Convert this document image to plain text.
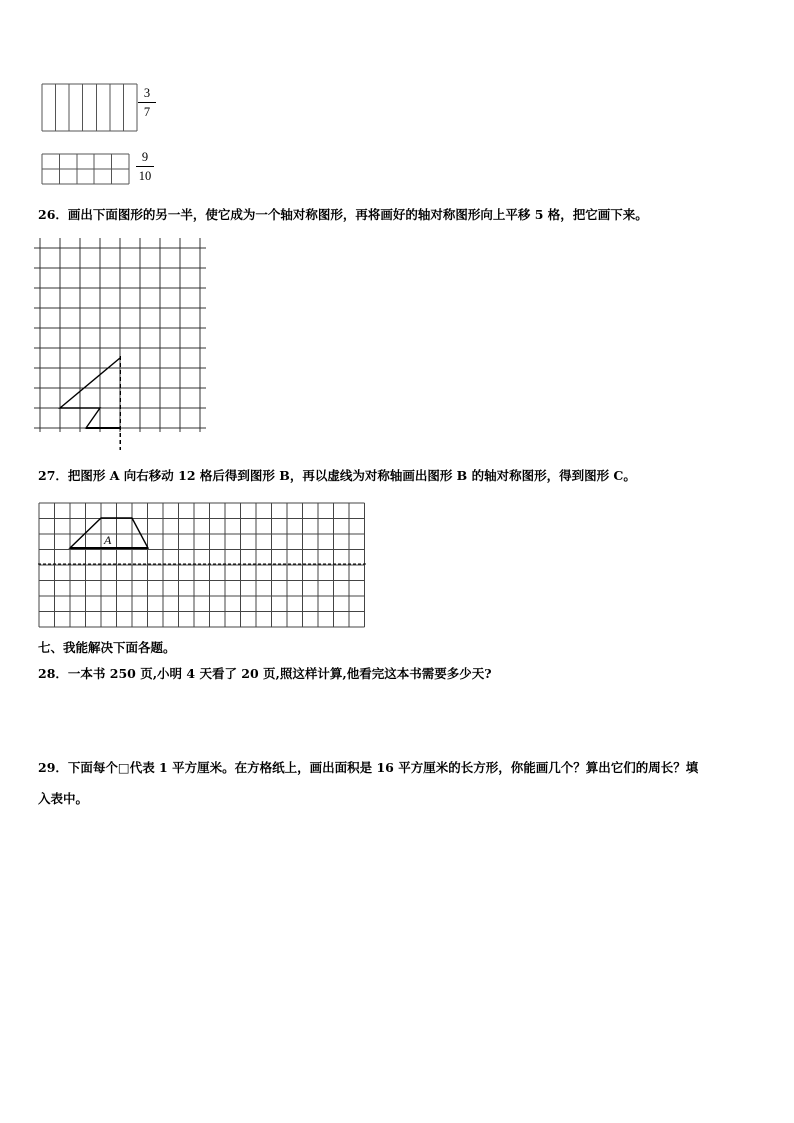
3
7
9
10
26．画出下面图形的另一半，使它成为一个轴对称图形，再将画好的轴对称图形向上平移 5 格，把它画下来。
27．把图形 A 向右移动 12 格后得到图形 B，再以虚线为对称轴画出图形 B 的轴对称图形，得到图形 C。
A
七、我能解决下面各题。
28．一本书 250 页,小明 4 天看了 20 页,照这样计算,他看完这本书需要多少天?
29．下面每个□代表 1 平方厘米。在方格纸上，画出面积是 16 平方厘米的长方形，你能画几个？算出它们的周长？填
入表中。
